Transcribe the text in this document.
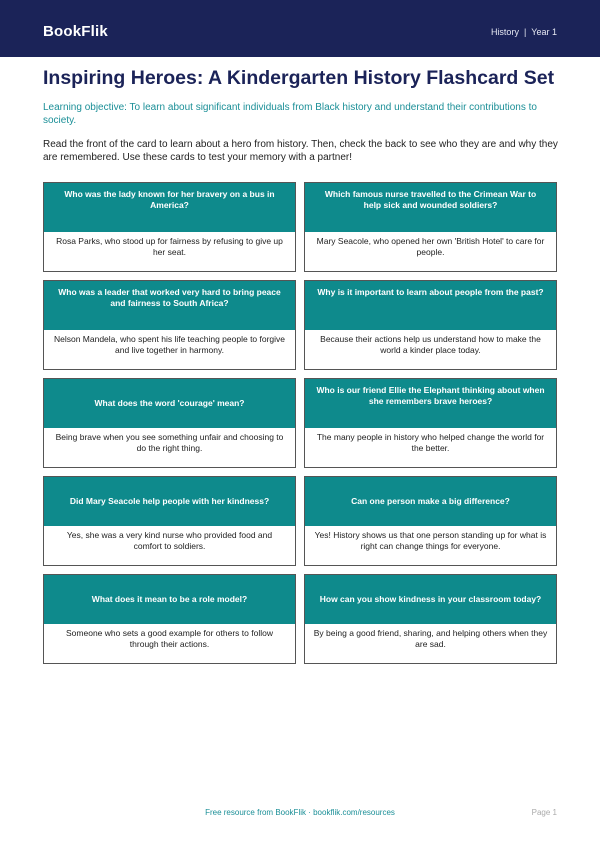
BookFlik	History | Year 1
Inspiring Heroes: A Kindergarten History Flashcard Set

Learning objective: To learn about significant individuals from Black history and understand their contributions to society.

Read the front of the card to learn about a hero from history. Then, check the back to see who they are and why they are remembered. Use these cards to test your memory with a partner!

Who was the lady known for her bravery on a bus in America?
Rosa Parks, who stood up for fairness by refusing to give up her seat.
Which famous nurse travelled to the Crimean War to help sick and wounded soldiers?
Mary Seacole, who opened her own 'British Hotel' to care for people.
Who was a leader that worked very hard to bring peace and fairness to South Africa?
Nelson Mandela, who spent his life teaching people to forgive and live together in harmony.
Why is it important to learn about people from the past?
Because their actions help us understand how to make the world a kinder place today.
What does the word 'courage' mean?
Being brave when you see something unfair and choosing to do the right thing.
Who is our friend Ellie the Elephant thinking about when she remembers brave heroes?
The many people in history who helped change the world for the better.
Did Mary Seacole help people with her kindness?
Yes, she was a very kind nurse who provided food and comfort to soldiers.
Can one person make a big difference?
Yes! History shows us that one person standing up for what is right can change things for everyone.
What does it mean to be a role model?
Someone who sets a good example for others to follow through their actions.
How can you show kindness in your classroom today?
By being a good friend, sharing, and helping others when they are sad.
Free resource from BookFlik · bookflik.com/resources	Page 1
